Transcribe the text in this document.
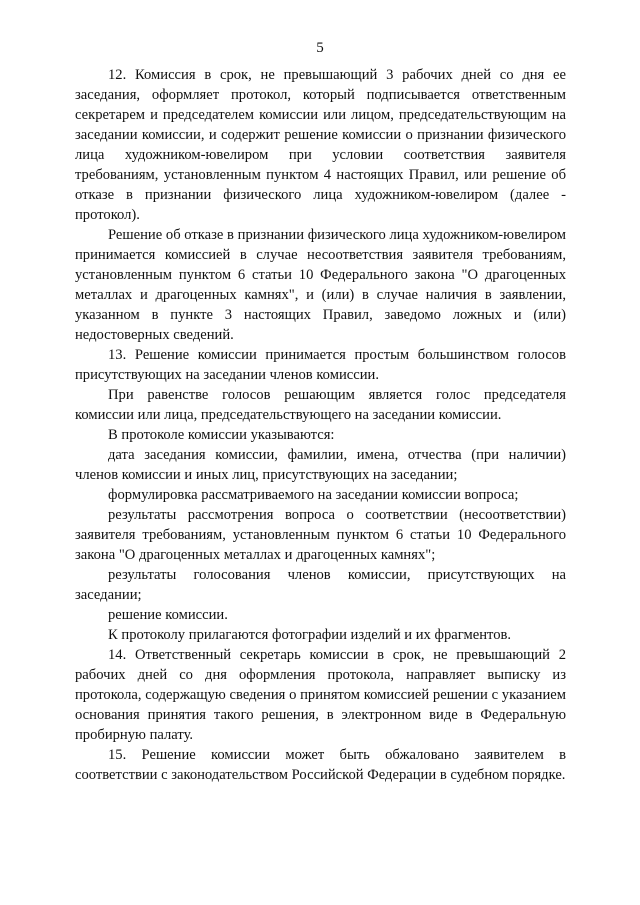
5

12. Комиссия в срок, не превышающий 3 рабочих дней со дня ее заседания, оформляет протокол, который подписывается ответственным секретарем и председателем комиссии или лицом, председательствующим на заседании комиссии, и содержит решение комиссии о признании физического лица художником-ювелиром при условии соответствия заявителя требованиям, установленным пунктом 4 настоящих Правил, или решение об отказе в признании физического лица художником-ювелиром (далее - протокол).

Решение об отказе в признании физического лица художником-ювелиром принимается комиссией в случае несоответствия заявителя требованиям, установленным пунктом 6 статьи 10 Федерального закона "О драгоценных металлах и драгоценных камнях", и (или) в случае наличия в заявлении, указанном в пункте 3 настоящих Правил, заведомо ложных и (или) недостоверных сведений.

13. Решение комиссии принимается простым большинством голосов присутствующих на заседании членов комиссии.

При равенстве голосов решающим является голос председателя комиссии или лица, председательствующего на заседании комиссии.

В протоколе комиссии указываются:

дата заседания комиссии, фамилии, имена, отчества (при наличии) членов комиссии и иных лиц, присутствующих на заседании;

формулировка рассматриваемого на заседании комиссии вопроса;

результаты рассмотрения вопроса о соответствии (несоответствии) заявителя требованиям, установленным пунктом 6 статьи 10 Федерального закона "О драгоценных металлах и драгоценных камнях";

результаты голосования членов комиссии, присутствующих на заседании;

решение комиссии.

К протоколу прилагаются фотографии изделий и их фрагментов.

14. Ответственный секретарь комиссии в срок, не превышающий 2 рабочих дней со дня оформления протокола, направляет выписку из протокола, содержащую сведения о принятом комиссией решении с указанием основания принятия такого решения, в электронном виде в Федеральную пробирную палату.

15. Решение комиссии может быть обжаловано заявителем в соответствии с законодательством Российской Федерации в судебном порядке.
